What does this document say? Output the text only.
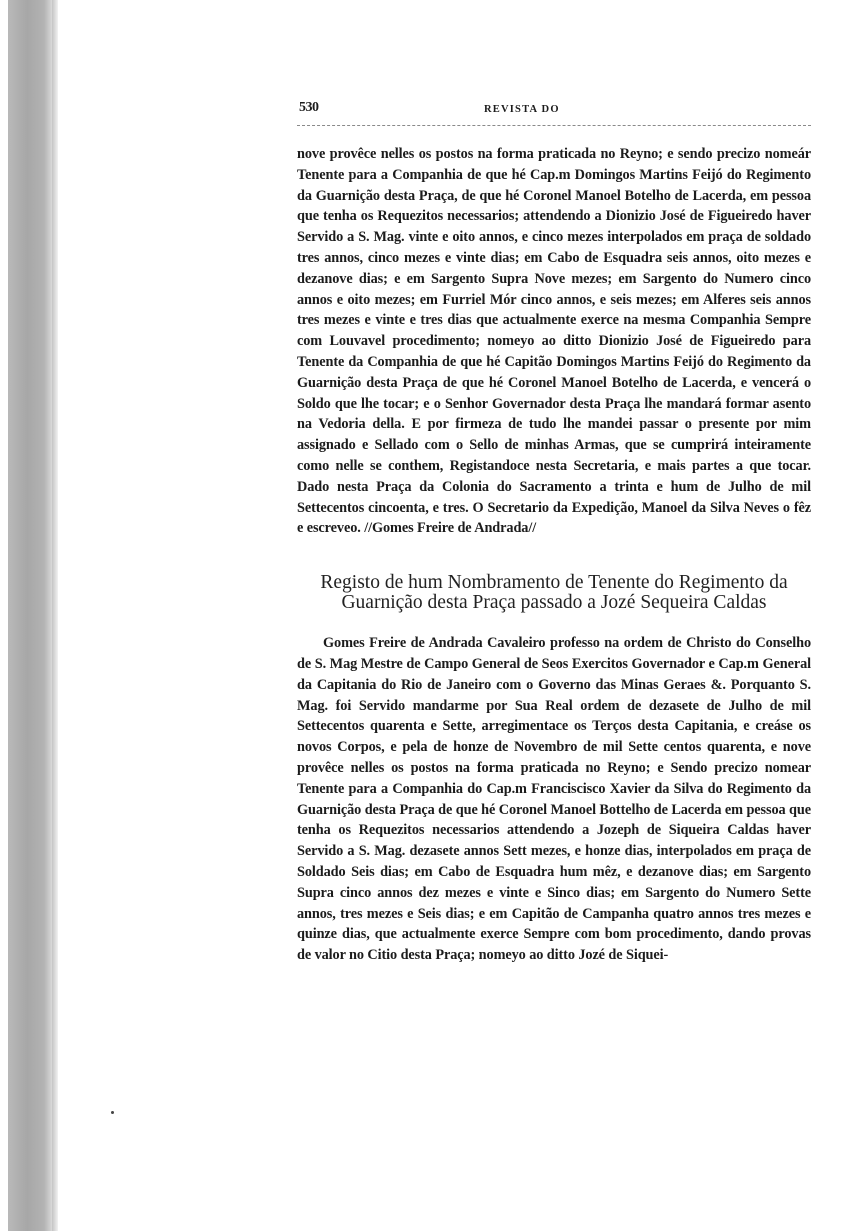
530	REVISTA DO

nove provêce nelles os postos na forma praticada no Reyno; e sendo precizo nomeár Tenente para a Companhia de que hé Cap.m Domingos Martins Feijó do Regimento da Guarnição desta Praça, de que hé Coronel Manoel Botelho de Lacerda, em pessoa que tenha os Requezitos necessarios; attendendo a Dionizio José de Figueiredo haver Servido a S. Mag. vinte e oito annos, e cinco mezes interpolados em praça de soldado tres annos, cinco mezes e vinte dias; em Cabo de Esquadra seis annos, oito mezes e dezanove dias; e em Sargento Supra Nove mezes; em Sargento do Numero cinco annos e oito mezes; em Furriel Mór cinco annos, e seis mezes; em Alferes seis annos tres mezes e vinte e tres dias que actualmente exerce na mesma Companhia Sempre com Louvavel procedimento; nomeyo ao ditto Dionizio José de Figueiredo para Tenente da Companhia de que hé Capitão Domingos Martins Feijó do Regimento da Guarnição desta Praça de que hé Coronel Manoel Botelho de Lacerda, e vencerá o Soldo que lhe tocar; e o Senhor Governador desta Praça lhe mandará formar asento na Vedoria della. E por firmeza de tudo lhe mandei passar o presente por mim assignado e Sellado com o Sello de minhas Armas, que se cumprirá inteiramente como nelle se conthem, Registandoce nesta Secretaria, e mais partes a que tocar. Dado nesta Praça da Colonia do Sacramento a trinta e hum de Julho de mil Settecentos cincoenta, e tres. O Secretario da Expedição, Manoel da Silva Neves o fêz e escreveo. //Gomes Freire de Andrada//

Registo de hum Nombramento de Tenente do Regimento da
Guarnição desta Praça passado a Jozé Sequeira Caldas

Gomes Freire de Andrada Cavaleiro professo na ordem de Christo do Conselho de S. Mag Mestre de Campo General de Seos Exercitos Governador e Cap.m General da Capitania do Rio de Janeiro com o Governo das Minas Geraes &. Porquanto S. Mag. foi Servido mandarme por Sua Real ordem de dezasete de Julho de mil Settecentos quarenta e Sette, arregimentace os Terços desta Capitania, e creáse os novos Corpos, e pela de honze de Novembro de mil Sette centos quarenta, e nove provêce nelles os postos na forma praticada no Reyno; e Sendo precizo nomear Tenente para a Companhia do Cap.m Franciscisco Xavier da Silva do Regimento da Guarnição desta Praça de que hé Coronel Manoel Bottelho de Lacerda em pessoa que tenha os Requezitos necessarios attendendo a Jozeph de Siqueira Caldas haver Servido a S. Mag. dezasete annos Sett mezes, e honze dias, interpolados em praça de Soldado Seis dias; em Cabo de Esquadra hum mêz, e dezanove dias; em Sargento Supra cinco annos dez mezes e vinte e Sinco dias; em Sargento do Numero Sette annos, tres mezes e Seis dias; e em Capitão de Campanha quatro annos tres mezes e quinze dias, que actualmente exerce Sempre com bom procedimento, dando provas de valor no Citio desta Praça; nomeyo ao ditto Jozé de Siquei-
